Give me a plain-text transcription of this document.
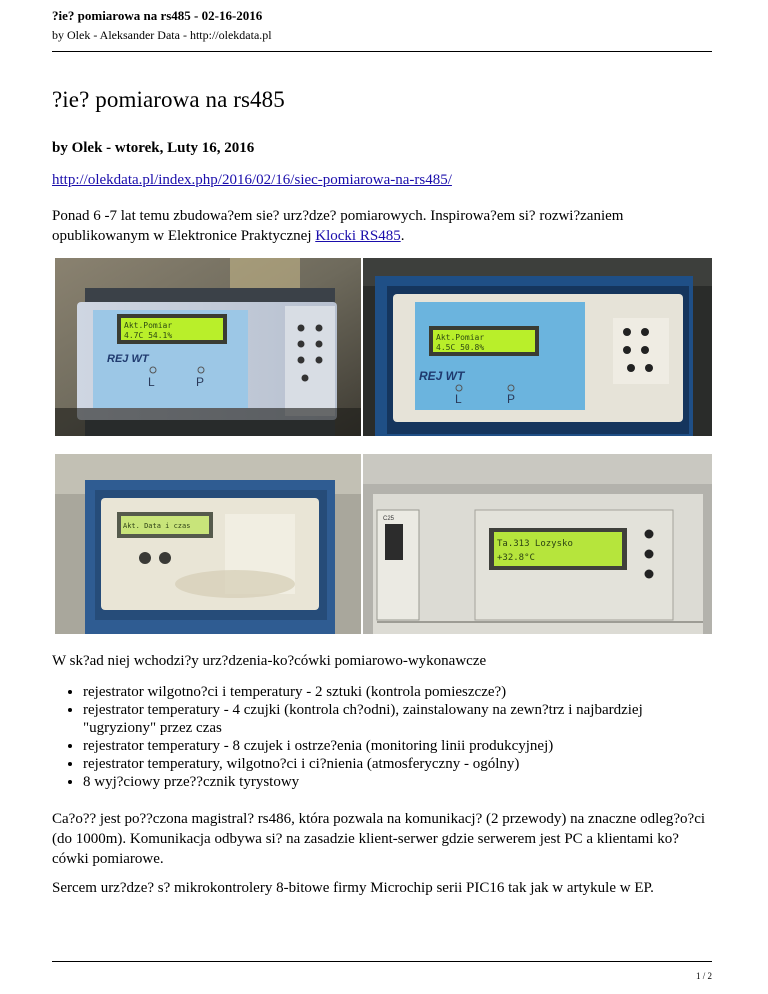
?ie? pomiarowa na rs485 - 02-16-2016
by Olek - Aleksander Data - http://olekdata.pl
?ie? pomiarowa na rs485
by Olek - wtorek, Luty 16, 2016
http://olekdata.pl/index.php/2016/02/16/siec-pomiarowa-na-rs485/
Ponad 6 -7 lat temu zbudowa?em sie? urz?dze? pomiarowych. Inspirowa?em si? rozwi?zaniem opublikowanym w Elektronice Praktycznej Klocki RS485.
Akt.Pomiar
4.7C 54.1%
REJ WT
L	P
Akt.Pomiar
4.5C 50.8%
REJ WT
L	P
Akt. Data i czas
C25
Ta.313 Lozysko
+32.8°C
W sk?ad niej wchodzi?y urz?dzenia-ko?cówki pomiarowo-wykonawcze
• rejestrator wilgotno?ci i temperatury - 2 sztuki (kontrola pomieszcze?)
• rejestrator temperatury - 4 czujki (kontrola ch?odni), zainstalowany na zewn?trz i najbardziej "ugryziony" przez czas
• rejestrator temperatury - 8 czujek i ostrze?enia (monitoring linii produkcyjnej)
• rejestrator temperatury, wilgotno?ci i ci?nienia (atmosferyczny - ogólny)
• 8 wyj?ciowy prze??cznik tyrystowy
Ca?o?? jest po??czona magistral? rs486, która pozwala na komunikacj? (2 przewody) na znaczne odleg?o?ci (do 1000m). Komunikacja odbywa si? na zasadzie klient-serwer gdzie serwerem jest PC a klientami ko?cówki pomiarowe.
Sercem urz?dze? s? mikrokontrolery 8-bitowe firmy Microchip serii PIC16 tak jak w artykule w EP.
1 / 2
